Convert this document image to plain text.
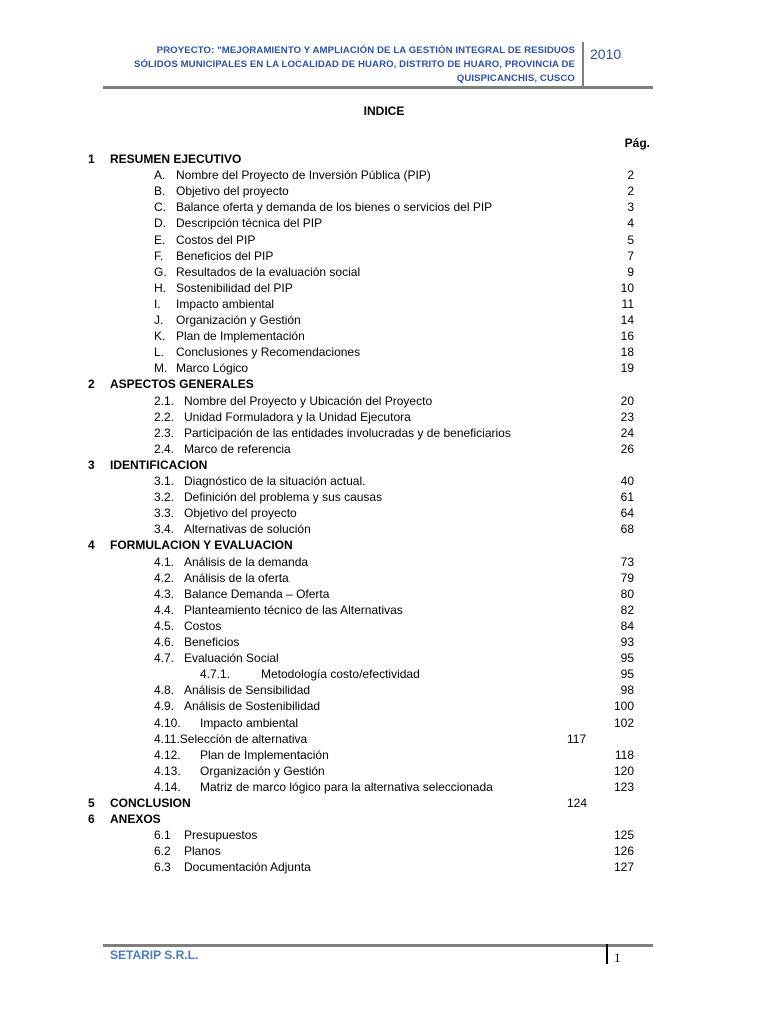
PROYECTO: "MEJORAMIENTO Y AMPLIACIÓN DE LA GESTIÓN INTEGRAL DE RESIDUOS
SÓLIDOS MUNICIPALES EN LA LOCALIDAD DE HUARO, DISTRITO DE HUARO, PROVINCIA DE
QUISPICANCHIS, CUSCO
2010
INDICE
Pág.
1 RESUMEN EJECUTIVO
A. Nombre del Proyecto de Inversión Pública (PIP)	2
B. Objetivo del proyecto	2
C. Balance oferta y demanda de los bienes o servicios del PIP	3
D. Descripción técnica del PIP	4
E. Costos del PIP	5
F. Beneficios del PIP	7
G. Resultados de la evaluación social	9
H. Sostenibilidad del PIP	10
I. Impacto ambiental	11
J. Organización y Gestión	14
K. Plan de Implementación	16
L. Conclusiones y Recomendaciones	18
M. Marco Lógico	19
2 ASPECTOS GENERALES
2.1. Nombre del Proyecto y Ubicación del Proyecto	20
2.2. Unidad Formuladora y la Unidad Ejecutora	23
2.3. Participación de las entidades involucradas y de beneficiarios	24
2.4. Marco de referencia	26
3 IDENTIFICACION
3.1. Diagnóstico de la situación actual.	40
3.2. Definición del problema y sus causas	61
3.3. Objetivo del proyecto	64
3.4. Alternativas de solución	68
4 FORMULACION Y EVALUACION
4.1. Análisis de la demanda	73
4.2. Análisis de la oferta	79
4.3. Balance Demanda – Oferta	80
4.4. Planteamiento técnico de las Alternativas	82
4.5. Costos	84
4.6. Beneficios	93
4.7. Evaluación Social	95
4.7.1.	Metodología costo/efectividad	95
4.8. Análisis de Sensibilidad	98
4.9. Análisis de Sostenibilidad	100
4.10. Impacto ambiental	102
4.11.Selección de alternativa	117
4.12. Plan de Implementación	118
4.13. Organización y Gestión	120
4.14. Matriz de marco lógico para la alternativa seleccionada	123
5 CONCLUSION	124
6 ANEXOS
6.1 Presupuestos	125
6.2 Planos	126
6.3 Documentación Adjunta	127
SETARIP S.R.L.	1
